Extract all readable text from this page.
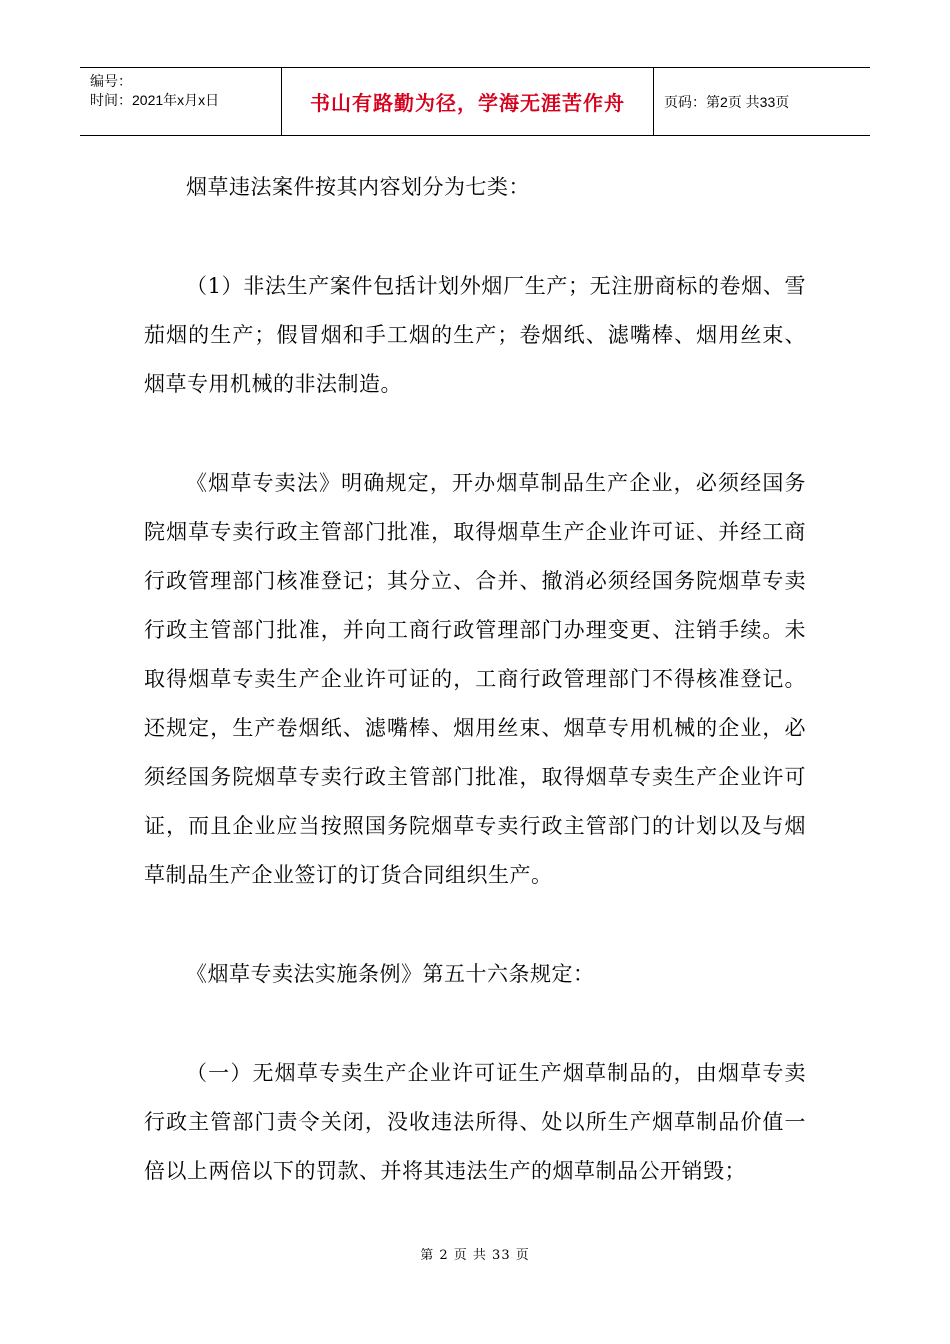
编号：
时间：2021年x月x日	书山有路勤为径，学海无涯苦作舟	页码：第2页 共33页

烟草违法案件按其内容划分为七类：

（1）非法生产案件包括计划外烟厂生产；无注册商标的卷烟、雪茄烟的生产；假冒烟和手工烟的生产；卷烟纸、滤嘴棒、烟用丝束、烟草专用机械的非法制造。

《烟草专卖法》明确规定，开办烟草制品生产企业，必须经国务院烟草专卖行政主管部门批准，取得烟草生产企业许可证、并经工商行政管理部门核准登记；其分立、合并、撤消必须经国务院烟草专卖行政主管部门批准，并向工商行政管理部门办理变更、注销手续。未取得烟草专卖生产企业许可证的，工商行政管理部门不得核准登记。还规定，生产卷烟纸、滤嘴棒、烟用丝束、烟草专用机械的企业，必须经国务院烟草专卖行政主管部门批准，取得烟草专卖生产企业许可证，而且企业应当按照国务院烟草专卖行政主管部门的计划以及与烟草制品生产企业签订的订货合同组织生产。

《烟草专卖法实施条例》第五十六条规定：

（一）无烟草专卖生产企业许可证生产烟草制品的，由烟草专卖行政主管部门责令关闭，没收违法所得、处以所生产烟草制品价值一倍以上两倍以下的罚款、并将其违法生产的烟草制品公开销毁；

第 2 页 共 33 页
